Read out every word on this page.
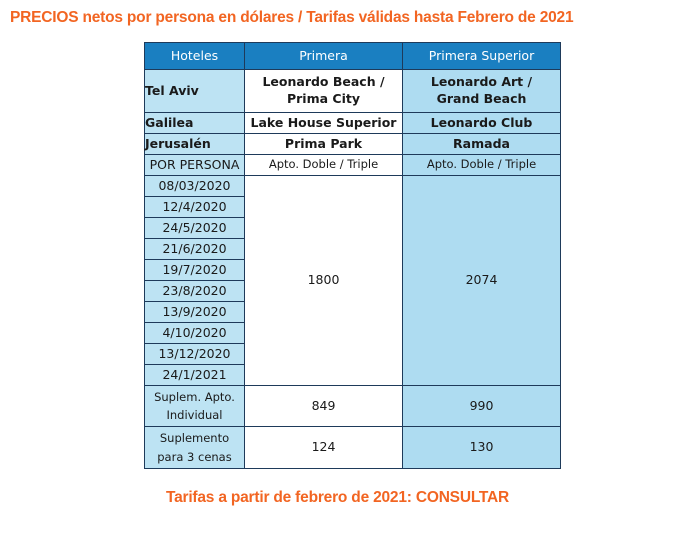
PRECIOS netos por persona en dólares / Tarifas válidas hasta Febrero de 2021
Hoteles	Primera	Primera Superior
Tel Aviv	Leonardo Beach / Prima City	Leonardo Art / Grand Beach
Galilea	Lake House Superior	Leonardo Club
Jerusalén	Prima Park	Ramada
POR PERSONA	Apto. Doble / Triple	Apto. Doble / Triple
08/03/2020	1800	2074
12/4/2020		
24/5/2020		
21/6/2020		
19/7/2020		
23/8/2020		
13/9/2020		
4/10/2020		
13/12/2020		
24/1/2021		
Suplem. Apto.
Individual	849	990
Suplemento
para 3 cenas	124	130
Tarifas a partir de febrero de 2021: CONSULTAR
